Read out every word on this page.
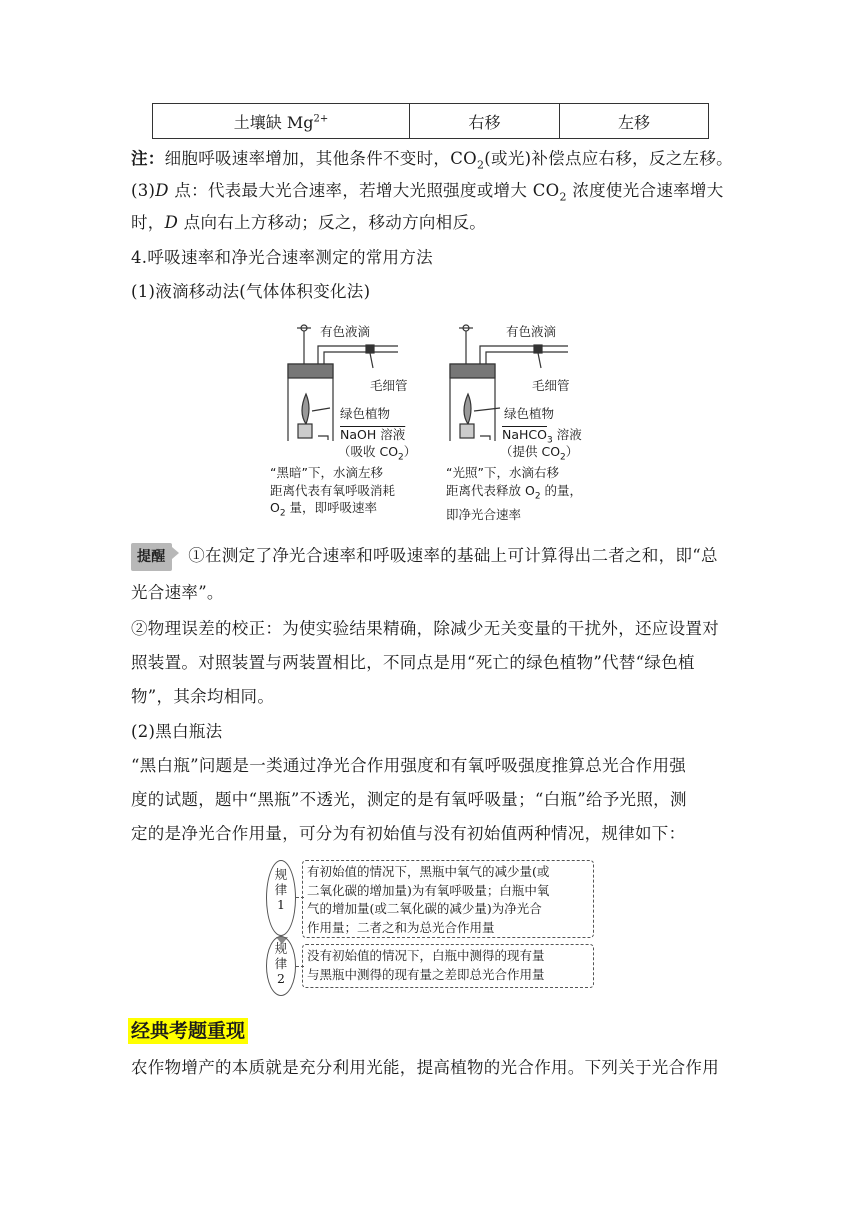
土壤缺 $Mg^{2+}$	右移	左移
注：细胞呼吸速率增加，其他条件不变时，$CO_2$(或光)补偿点应右移，反之左移。
(3)D 点：代表最大光合速率，若增大光照强度或增大 $CO_2$ 浓度使光合速率增大
时，D 点向右上方移动；反之，移动方向相反。
4.呼吸速率和净光合速率测定的常用方法
(1)液滴移动法(气体体积变化法)
有色液滴
毛细管
绿色植物
NaOH 溶液
（吸收 $CO_2$）
“黑暗”下，水滴左移
距离代表有氧呼吸消耗
$O_2$ 量，即呼吸速率
有色液滴
毛细管
绿色植物
NaHCO$_3$ 溶液
（提供 $CO_2$）
“光照”下，水滴右移
距离代表释放 $O_2$ 的量，
即净光合速率
提醒 ①在测定了净光合速率和呼吸速率的基础上可计算得出二者之和，即“总
光合速率”。
②物理误差的校正：为使实验结果精确，除减少无关变量的干扰外，还应设置对
照装置。对照装置与两装置相比，不同点是用“死亡的绿色植物”代替“绿色植
物”，其余均相同。
(2)黑白瓶法
“黑白瓶”问题是一类通过净光合作用强度和有氧呼吸强度推算总光合作用强
度的试题，题中“黑瓶”不透光，测定的是有氧呼吸量；“白瓶”给予光照，测
定的是净光合作用量，可分为有初始值与没有初始值两种情况，规律如下：
规
律
1
规
律
2
有初始值的情况下，黑瓶中氧气的减少量(或
二氧化碳的增加量)为有氧呼吸量；白瓶中氧
气的增加量(或二氧化碳的减少量)为净光合
作用量；二者之和为总光合作用量
没有初始值的情况下，白瓶中测得的现有量
与黑瓶中测得的现有量之差即总光合作用量
经典考题重现
农作物增产的本质就是充分利用光能，提高植物的光合作用。下列关于光合作用
